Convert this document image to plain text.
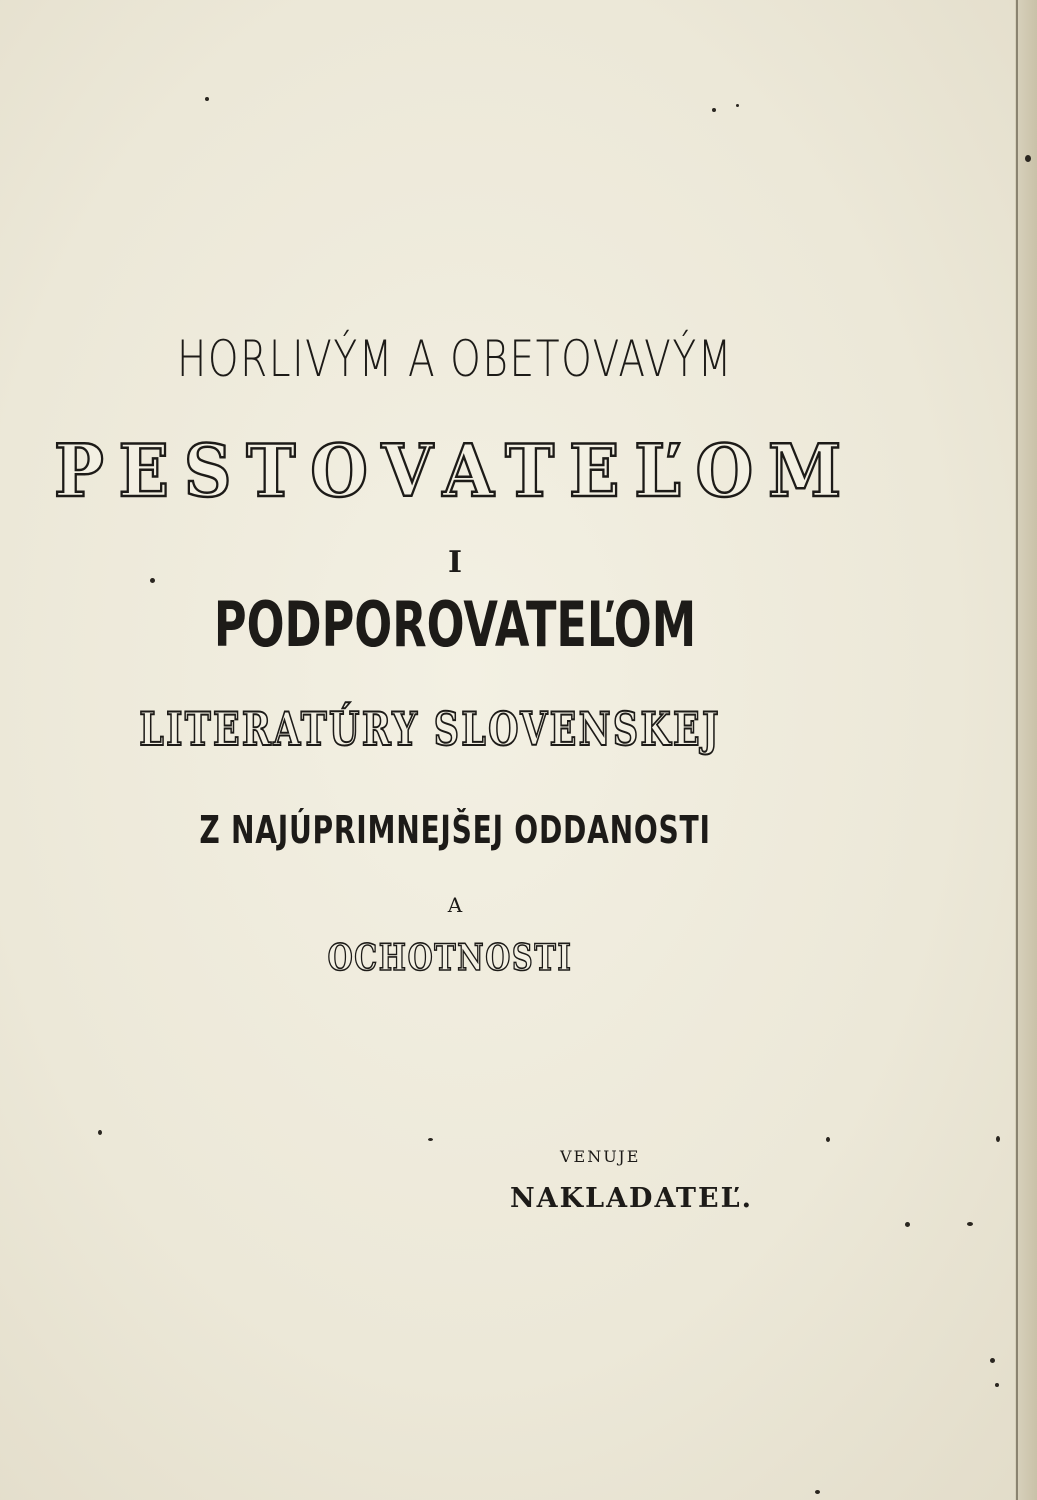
HORLIVÝM A OBETOVAVÝM
PESTOVATEĽOM
I
PODPOROVATEĽOM
LITERATÚRY SLOVENSKEJ
Z NAJÚPRIMNEJŠEJ ODDANOSTI
A
OCHOTNOSTI
VENUJE
NAKLADATEĽ.
